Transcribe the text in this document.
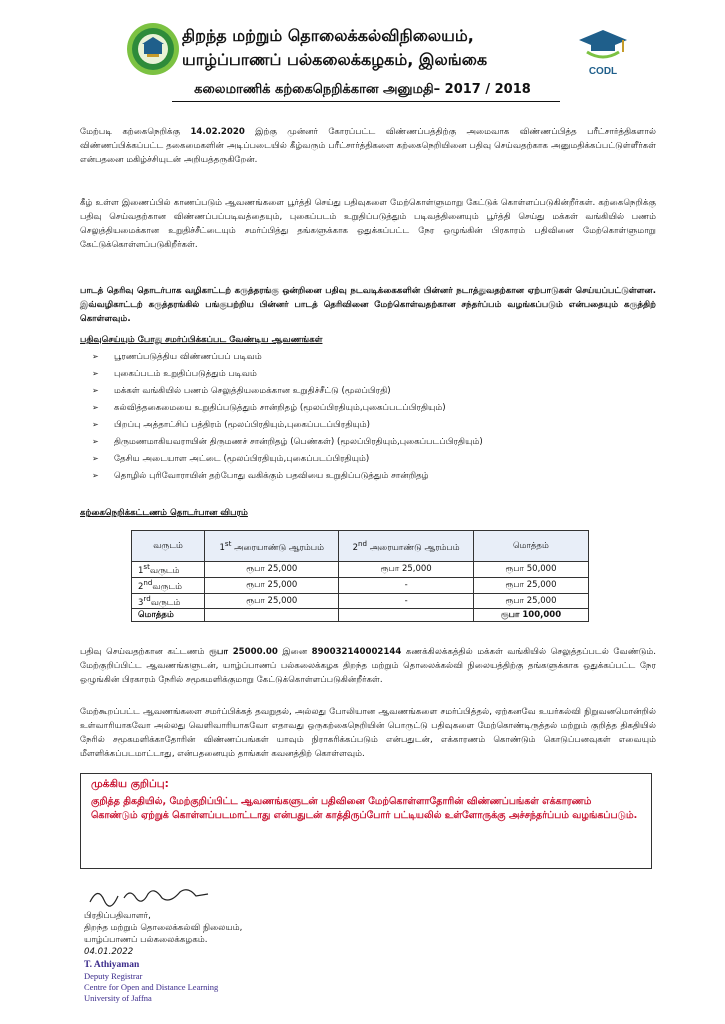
திறந்த மற்றும் தொலைக்கல்விநிலையம்,
யாழ்ப்பாணப் பல்கலைக்கழகம், இலங்கை
CODL
கலைமாணிக் கற்கைநெறிக்கான அனுமதி– 2017 / 2018
மேற்படி கற்கைநெறிக்கு 14.02.2020 இற்கு முன்னர் கோரப்பட்ட விண்ணப்பத்திற்கு அமைவாக விண்ணப்பித்த பரீட்சார்த்திகளால் விண்ணப்பிக்கப்பட்ட தகைமைகளின் அடிப்படையில் கீழ்வரும் பரீட்சார்த்திகளை கற்கைநெறியினை பதிவு செய்வதற்காக அனுமதிக்கப்பட்டுள்ளீர்கள் என்பதனை மகிழ்ச்சியுடன் அறியத்தருகிறேன்.
கீழ் உள்ள இணைப்பில் காணப்படும் ஆவணங்களை பூர்த்தி செய்து பதிவுகளை மேற்கொள்ளுமாறு கேட்டுக் கொள்ளப்படுகின்றீர்கள். கற்கைநெறிக்கு பதிவு செய்வதற்கான விண்ணப்பப்படிவத்தையும், புகைப்படம் உறுதிப்படுத்தும் படிவத்தினையும் பூர்த்தி செய்து மக்கள் வங்கியில் பணம் செலுத்தியமைக்கான உறுதிச்சீட்டையும் சமர்ப்பித்து தங்களுக்காக ஒதுக்கப்பட்ட நேர ஒழுங்கின் பிரகாரம் பதிவினை மேற்கொள்ளுமாறு கேட்டுக்கொள்ளப்படுகிறீர்கள்.
பாடத் தெரிவு தொடர்பாக வழிகாட்டற் கருத்தரங்கு ஒன்றினை பதிவு நடவடிக்கைகளின் பின்னர் நடாத்துவதற்கான ஏற்பாடுகள் செய்யப்பட்டுள்ளன. இவ்வழிகாட்டற் கருத்தரங்கில் பங்குபற்றிய பின்னர் பாடத் தெரிவினை மேற்கொள்வதற்கான சந்தர்ப்பம் வழங்கப்படும் என்பதையும் கருத்திற் கொள்ளவும்.
பதிவுசெய்யும் போது சமர்ப்பிக்கப்பட வேண்டிய ஆவணங்கள்
➢ பூரணப்படுத்திய விண்ணப்பப் படிவம்
➢ புகைப்படம் உறுதிப்படுத்தும் படிவம்
➢ மக்கள் வங்கியில் பணம் செலுத்தியமைக்கான உறுதிச்சீட்டு (மூலப்பிரதி)
➢ கல்வித்தகைமையை உறுதிப்படுத்தும் சான்றிதழ் (மூலப்பிரதியும்,புகைப்படப்பிரதியும்)
➢ பிறப்பு அத்தாட்சிப் பத்திரம் (மூலப்பிரதியும்,புகைப்படப்பிரதியும்)
➢ திருமணமாகியவராயின் திருமணச் சான்றிதழ் (பெண்கள்) (மூலப்பிரதியும்,புகைப்படப்பிரதியும்)
➢ தேசிய அடையாள அட்டை (மூலப்பிரதியும்,புகைப்படப்பிரதியும்)
➢ தொழில் புரிவோராயின் தற்போது வகிக்கும் பதவியை உறுதிப்படுத்தும் சான்றிதழ்
கற்கைநெறிக்கட்டணம் தொடர்பான விபரம்
வருடம்	1st அரையாண்டு ஆரம்பம்	2nd அரையாண்டு ஆரம்பம்	மொத்தம்
1stவருடம்	ரூபா 25,000	ரூபா 25,000	ரூபா 50,000
2ndவருடம்	ரூபா 25,000	-	ரூபா 25,000
3rdவருடம்	ரூபா 25,000	-	ரூபா 25,000
மொத்தம்			ரூபா 100,000
பதிவு செய்வதற்கான கட்டணம் ரூபா 25000.00 இனை 890032140002144 கணக்கிலக்கத்தில் மக்கள் வங்கியில் செலுத்தப்படல் வேண்டும். மேற்குறிப்பிட்ட ஆவணங்களுடன், யாழ்ப்பாணப் பல்கலைக்கழக திறந்த மற்றும் தொலைக்கல்வி நிலையத்திற்கு தங்களுக்காக ஒதுக்கப்பட்ட நேர ஒழுங்கின் பிரகாரம் நேரில் சமூகமளிக்குமாறு கேட்டுக்கொள்ளப்படுகின்றீர்கள்.
மேற்கூறப்பட்ட ஆவணங்களை சமர்ப்பிக்கத் தவறுதல், அல்லது போலியான ஆவணங்களை சமர்ப்பித்தல், ஏற்கனவே உயர்கல்வி நிறுவனமொன்றில் உள்வாரியாகவோ அல்லது வெளிவாரியாகவோ எதாவது ஒருகற்கைநெறியின் பொருட்டு பதிவுகளை மேற்கொண்டிருத்தல் மற்றும் குறித்த திகதியில் நேரில் சமூகமளிக்காதோரின் விண்ணப்பங்கள் யாவும் நிராகரிக்கப்படும் என்பதுடன், எக்காரணம் கொண்டும் கொடுப்பனவுகள் எவையும் மீளளிக்கப்படமாட்டாது, என்பதனையும் தாங்கள் கவனத்திற் கொள்ளவும்.
முக்கிய குறிப்பு:
குறித்த திகதியில், மேற்குறிப்பிட்ட ஆவணங்களுடன் பதிவினை மேற்கொள்ளாதோரின் விண்ணப்பங்கள் எக்காரணம் கொண்டும் ஏற்றுக் கொள்ளப்படமாட்டாது என்பதுடன் காத்திருப்போர் பட்டியலில் உள்ளோருக்கு அச்சந்தர்ப்பம் வழங்கப்படும்.
பிரதிப்பதிவாளர்,
திறந்த மற்றும் தொலைக்கல்வி நிலையம்,
யாழ்ப்பாணப் பல்கலைக்கழகம்.
04.01.2022
T. Athiyaman
Deputy Registrar
Centre for Open and Distance Learning
University of Jaffna
